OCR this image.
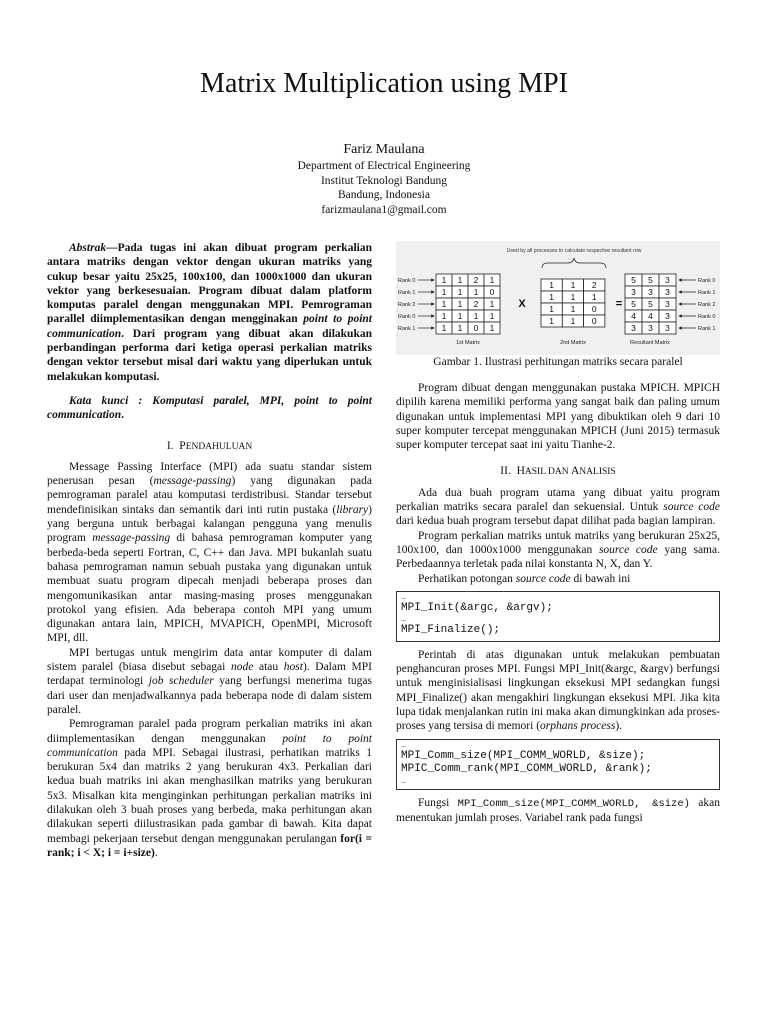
Matrix Multiplication using MPI
Fariz Maulana
Department of Electrical Engineering
Institut Teknologi Bandung
Bandung, Indonesia
farizmaulana1@gmail.com

Abstrak—Pada tugas ini akan dibuat program perkalian antara matriks dengan vektor dengan ukuran matriks yang cukup besar yaitu 25x25, 100x100, dan 1000x1000 dan ukuran vektor yang berkesesuaian. Program dibuat dalam platform komputas paralel dengan menggunakan MPI. Pemrograman parallel diimplementasikan dengan mengginakan point to point communication. Dari program yang dibuat akan dilakukan perbandingan performa dari ketiga operasi perkalian matriks dengan vektor tersebut misal dari waktu yang diperlukan untuk melakukan komputasi.

Kata kunci : Komputasi paralel, MPI, point to point communication.

I. PENDAHULUAN

Message Passing Interface (MPI) ada suatu standar sistem penerusan pesan (message-passing) yang digunakan pada pemrograman paralel atau komputasi terdistribusi. Standar tersebut mendefinisikan sintaks dan semantik dari inti rutin pustaka (library) yang berguna untuk berbagai kalangan pengguna yang menulis program message-passing di bahasa pemrograman komputer yang berbeda-beda seperti Fortran, C, C++ dan Java. MPI bukanlah suatu bahasa pemrograman namun sebuah pustaka yang digunakan untuk membuat suatu program dipecah menjadi beberapa proses dan mengomunikasikan antar masing-masing proses menggunakan protokol yang efisien. Ada beberapa contoh MPI yang umum digunakan antara lain, MPICH, MVAPICH, OpenMPI, Microsoft MPI, dll.

MPI bertugas untuk mengirim data antar komputer di dalam sistem paralel (biasa disebut sebagai node atau host). Dalam MPI terdapat terminologi job scheduler yang berfungsi menerima tugas dari user dan menjadwalkannya pada beberapa node di dalam sistem paralel.

Pemrograman paralel pada program perkalian matriks ini akan diimplementasikan dengan menggunakan point to point communication pada MPI. Sebagai ilustrasi, perhatikan matriks 1 berukuran 5x4 dan matriks 2 yang berukuran 4x3. Perkalian dari kedua buah matriks ini akan menghasilkan matriks yang berukuran 5x3. Misalkan kita menginginkan perhitungan perkalian matriks ini dilakukan oleh 3 buah proses yang berbeda, maka perhitungan akan dilakukan seperti diilustrasikan pada gambar di bawah. Kita dapat membagi pekerjaan tersebut dengan menggunakan perulangan for(i = rank; i < X; i = i+size).

Rank 0
Rank 1
Rank 2
Rank 0
Rank 1
1 1 2 1
1 1 1 0
1 1 2 1
1 1 1 1
1 1 0 1
1st Matrix
X
Used by all processes to calculate respective resultant row
1 1 2
1 1 1
1 1 0
1 1 0
2nd Matrix
=
5 5 3
3 3 3
5 5 3
4 4 3
3 3 3
Resultant Matrix
Rank 0
Rank 1
Rank 2
Rank 0
Rank 1
Gambar 1. Ilustrasi perhitungan matriks secara paralel

Program dibuat dengan menggunakan pustaka MPICH. MPICH dipilih karena memiliki performa yang sangat baik dan paling umum digunakan untuk implementasi MPI yang dibuktikan oleh 9 dari 10 super komputer tercepat menggunakan MPICH (Juni 2015) termasuk super komputer tercepat saat ini yaitu Tianhe-2.

II. HASIL DAN ANALISIS

Ada dua buah program utama yang dibuat yaitu program perkalian matriks secara paralel dan sekuensial. Untuk source code dari kedua buah program tersebut dapat dilihat pada bagian lampiran.

Program perkalian matriks untuk matriks yang berukuran 25x25, 100x100, dan 1000x1000 menggunakan source code yang sama. Perbedaannya terletak pada nilai konstanta N, X, dan Y.

Perhatikan potongan source code di bawah ini

…
MPI_Init(&argc, &argv);
…
MPI_Finalize();

Perintah di atas digunakan untuk melakukan pembuatan penghancuran proses MPI. Fungsi MPI_Init(&argc, &argv) berfungsi untuk menginisialisasi lingkungan eksekusi MPI sedangkan fungsi MPI_Finalize() akan mengakhiri lingkungan eksekusi MPI. Jika kita lupa tidak menjalankan rutin ini maka akan dimungkinkan ada proses-proses yang tersisa di memori (orphans process).

…
MPI_Comm_size(MPI_COMM_WORLD, &size);
MPIC_Comm_rank(MPI_COMM_WORLD, &rank);
…

Fungsi MPI_Comm_size(MPI_COMM_WORLD, &size) akan menentukan jumlah proses. Variabel rank pada fungsi
